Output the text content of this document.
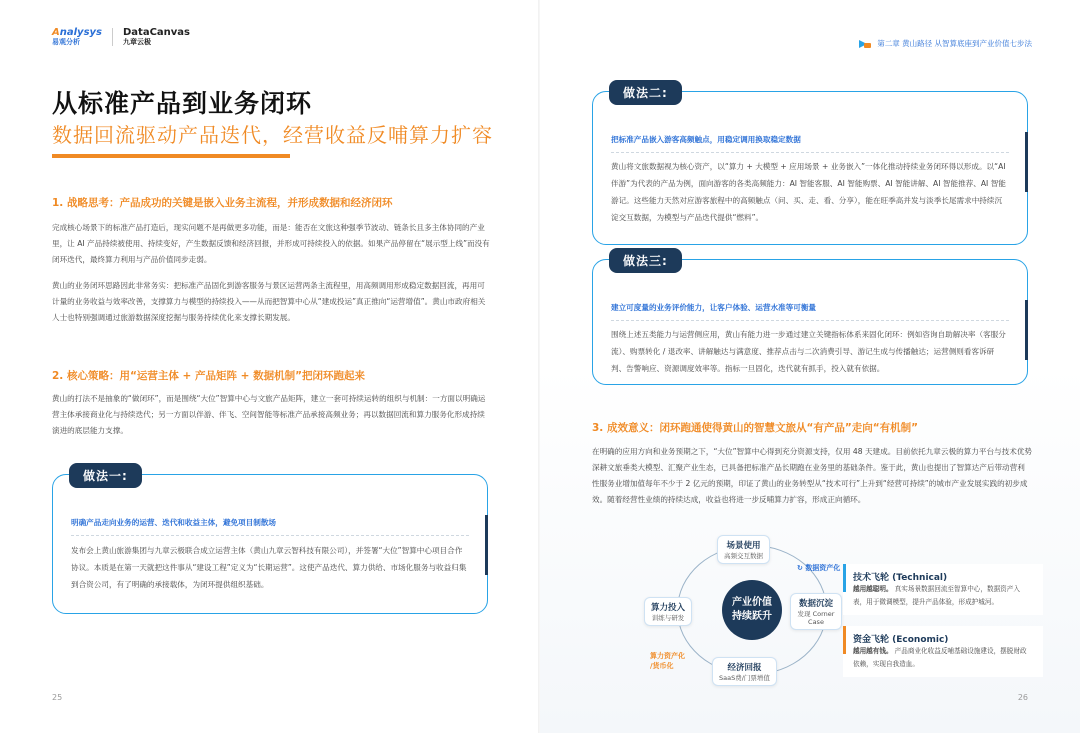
Analysys
易观分析
DataCanvas
九章云极
从标准产品到业务闭环
数据回流驱动产品迭代，经营收益反哺算力扩容
1. 战略思考：产品成功的关键是嵌入业务主流程，并形成数据和经济闭环
完成核心场景下的标准产品打造后，现实问题不是再做更多功能，而是：能否在文旅这种强季节波动、链条长且多主体协同的产业里，让 AI 产品持续被使用、持续变好，产生数据反馈和经济回报，并形成可持续投入的依据。如果产品停留在“展示型上线”而没有闭环迭代，最终算力利用与产品价值同步走弱。
黄山的业务闭环思路因此非常务实：把标准产品固化到游客服务与景区运营两条主流程里，用高频调用形成稳定数据回流，再用可计量的业务收益与效率改善，支撑算力与模型的持续投入——从而把智算中心从“建成投运”真正推向“运营增值”。黄山市政府相关人士也特别强调通过旅游数据深度挖掘与服务持续优化来支撑长期发展。
2. 核心策略：用“运营主体 + 产品矩阵 + 数据机制”把闭环跑起来
黄山的打法不是抽象的“做闭环”，而是围绕“大位”智算中心与文旅产品矩阵，建立一套可持续运转的组织与机制：一方面以明确运营主体承接商业化与持续迭代；另一方面以伴游、伴飞、空间智能等标准产品承接高频业务；再以数据回流和算力服务化形成持续演进的底层能力支撑。
做法一:
明确产品走向业务的运营、迭代和收益主体，避免项目制散场
发布会上黄山旅游集团与九章云极联合成立运营主体（黄山九章云智科技有限公司），并签署“大位”智算中心项目合作协议。本质是在第一天就把这件事从“建设工程”定义为“长期运营”。这使产品迭代、算力供给、市场化服务与收益归集到合资公司，有了明确的承接载体，为闭环提供组织基础。
25
第二章 黄山路径 从智算底座到产业价值七步法
做法二:
把标准产品嵌入游客高频触点，用稳定调用换取稳定数据
黄山将文旅数据视为核心资产，以“算力 + 大模型 + 应用场景 + 业务嵌入”一体化推动持续业务闭环得以形成。以“AI 伴游”为代表的产品为例，面向游客的各类高频能力：AI 智能客服、AI 智能购票、AI 智能讲解、AI 智能推荐、AI 智能游记。这些能力天然对应游客旅程中的高频触点（问、买、走、看、分享），能在旺季高并发与淡季长尾需求中持续沉淀交互数据，为模型与产品迭代提供“燃料”。
做法三:
建立可度量的业务评价能力，让客户体验、运营水准等可衡量
围绕上述五类能力与运营侧应用，黄山有能力进一步通过建立关键指标体系来固化闭环：例如咨询自助解决率（客服分流）、购票转化 / 退改率、讲解触达与满意度、推荐点击与二次消费引导、游记生成与传播触达；运营侧则看客诉研判、告警响应、资源调度效率等。指标一旦固化，迭代就有抓手，投入就有依据。
3. 成效意义：闭环跑通使得黄山的智慧文旅从“有产品”走向“有机制”
在明确的应用方向和业务预期之下，“大位”智算中心得到充分资源支持，仅用 48 天建成。目前依托九章云极的算力平台与技术优势深耕文旅垂类大模型、汇聚产业生态，已具备把标准产品长期跑在业务里的基础条件。鉴于此，黄山也提出了智算达产后带动营利性服务业增加值每年不少于 2 亿元的预期，印证了黄山的业务转型从“技术可行”上升到“经营可持续”的城市产业发展实践的初步成效。随着经营性业绩的持续达成，收益也将进一步反哺算力扩容，形成正向循环。
产业价值
持续跃升
场景使用
高频交互数据
数据沉淀
发现 Corner Case
经济回报
SaaS费/门票增值
算力投入
训练与研发
↻ 数据资产化

算力资产化
/货币化

技术飞轮 (Technical)
越用越聪明。 真实场景数据回流至智算中心，数据资产入表，用于微调模型，提升产品体验，形成护城河。
资金飞轮 (Economic)
越用越有钱。 产品商业化收益反哺基础设施建设，摆脱财政依赖，实现自我造血。
26
